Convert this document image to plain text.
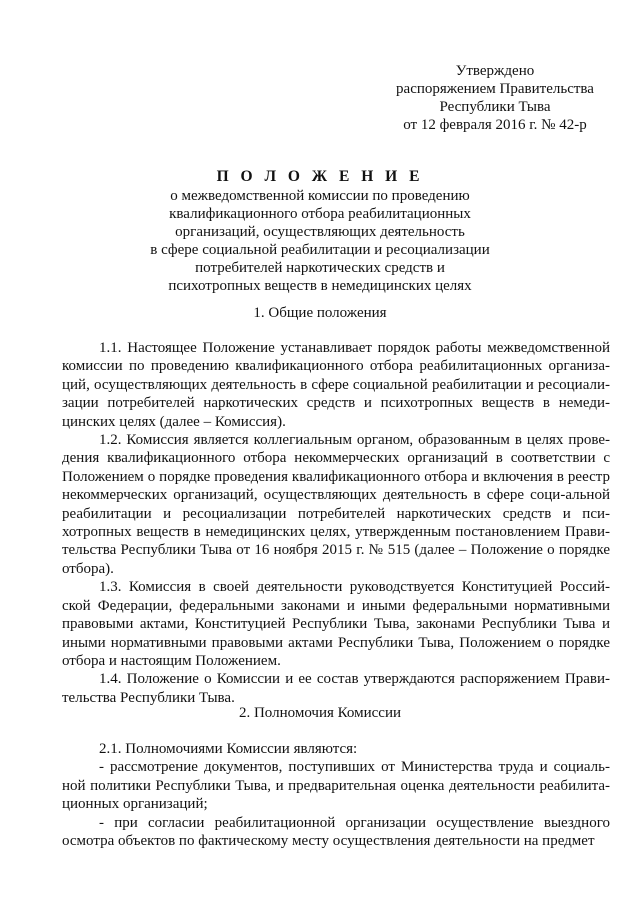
Утверждено
распоряжением Правительства
Республики Тыва
от 12 февраля 2016 г. № 42-р
П О Л О Ж Е Н И Е
о межведомственной комиссии по проведению
квалификационного отбора реабилитационных
организаций, осуществляющих деятельность
в сфере социальной реабилитации и ресоциализации
потребителей наркотических средств и
психотропных веществ в немедицинских целях
1. Общие положения

1.1. Настоящее Положение устанавливает порядок работы межведомственной комиссии по проведению квалификационного отбора реабилитационных организа-ций, осуществляющих деятельность в сфере социальной реабилитации и ресоциали-зации потребителей наркотических средств и психотропных веществ в немеди-цинских целях (далее – Комиссия).

1.2. Комиссия является коллегиальным органом, образованным в целях прове-дения квалификационного отбора некоммерческих организаций в соответствии с Положением о порядке проведения квалификационного отбора и включения в реестр некоммерческих организаций, осуществляющих деятельность в сфере соци-альной реабилитации и ресоциализации потребителей наркотических средств и пси-хотропных веществ в немедицинских целях, утвержденным постановлением Прави-тельства Республики Тыва от 16 ноября 2015 г. № 515 (далее – Положение о порядке отбора).

1.3. Комиссия в своей деятельности руководствуется Конституцией Россий-ской Федерации, федеральными законами и иными федеральными нормативными правовыми актами, Конституцией Республики Тыва, законами Республики Тыва и иными нормативными правовыми актами Республики Тыва, Положением о порядке отбора и настоящим Положением.

1.4. Положение о Комиссии и ее состав утверждаются распоряжением Прави-тельства Республики Тыва.

2. Полномочия Комиссии

2.1. Полномочиями Комиссии являются:

- рассмотрение документов, поступивших от Министерства труда и социаль-ной политики Республики Тыва, и предварительная оценка деятельности реабилита-ционных организаций;

- при согласии реабилитационной организации осуществление выездного осмотра объектов по фактическому месту осуществления деятельности на предмет
